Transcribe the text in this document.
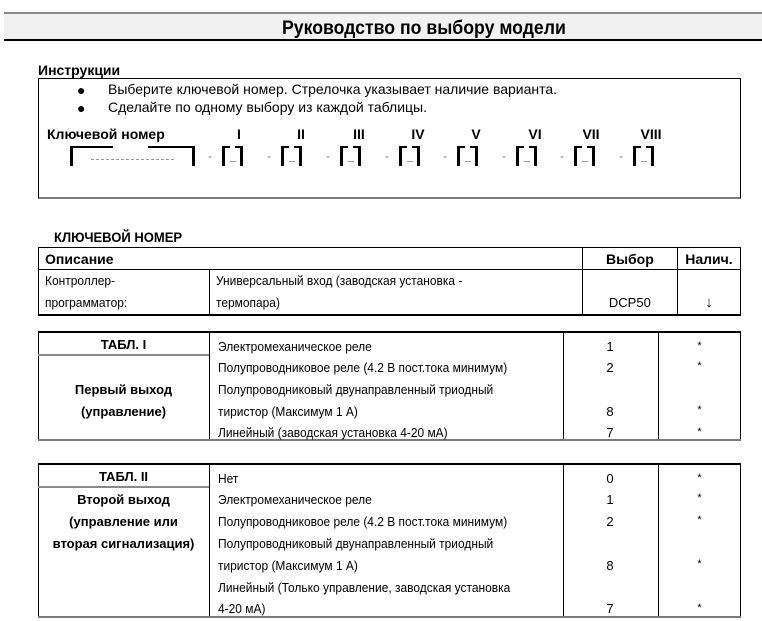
Руководство по выбору модели
Инструкции
● Выберите ключевой номер. Стрелочка указывает наличие варианта.
● Сделайте по одному выбору из каждой таблицы.
Ключевой номер	I	II	III	IV	V	VI	VII	VIII
-	-	-	-	-	-	-	-
КЛЮЧЕВОЙ НОМЕР
Описание		Выбор	Налич.
Контроллер-	Универсальный вход (заводская установка -		
программатор:	термопара)	DCP50	↓
ТАБЛ. I
Первый выход
(управление)
Электромеханическое реле	1	*
Полупроводниковое реле (4.2 В пост.тока минимум)	2	*
Полупроводниковый двунаправленный триодный
тиристор (Максимум 1 А)	8	*
Линейный (заводская установка 4-20 мА)	7	*
ТАБЛ. II
Второй выход
(управление или
вторая сигнализация)
Нет	0	*
Электромеханическое реле	1	*
Полупроводниковое реле (4.2 В пост.тока минимум)	2	*
Полупроводниковый двунаправленный триодный
тиристор (Максимум 1 А)	8	*
Линейный (Только управление, заводская установка
4-20 мА)	7	*
